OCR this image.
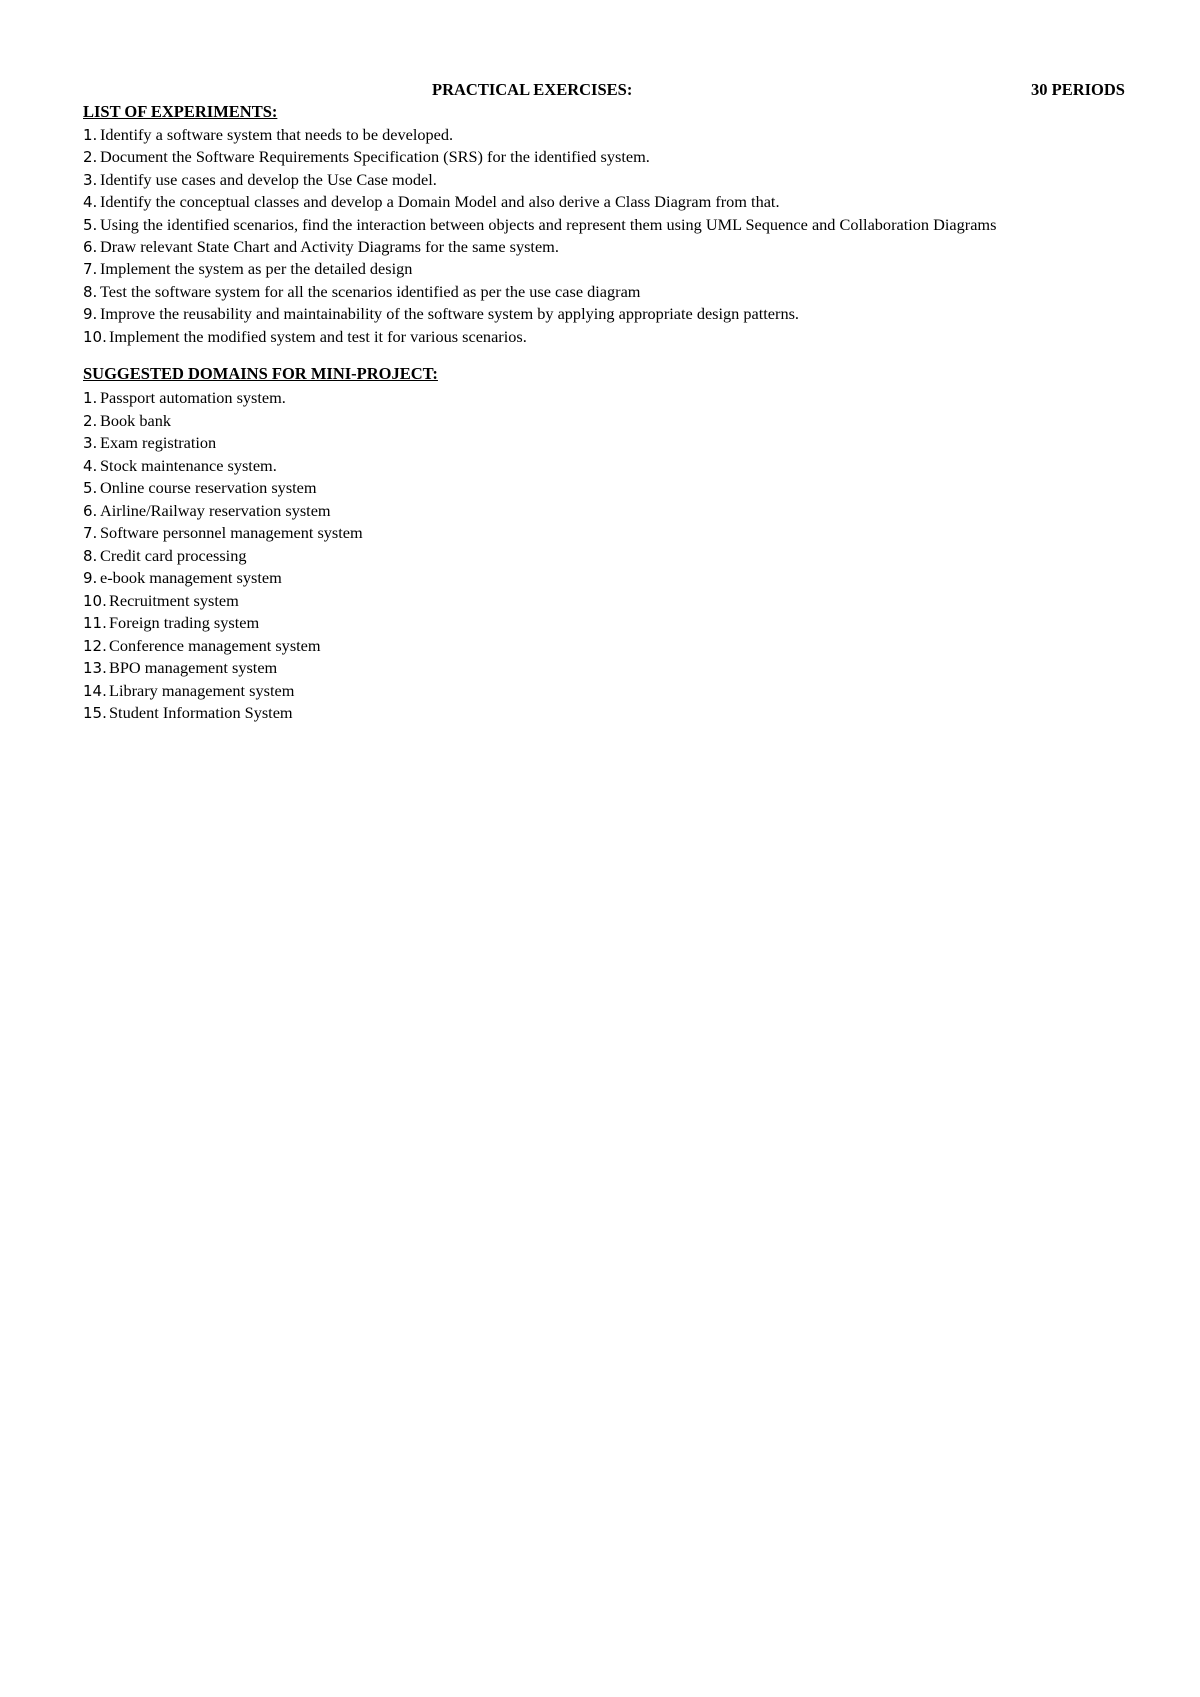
PRACTICAL EXERCISES:	30 PERIODS
LIST OF EXPERIMENTS:
1. Identify a software system that needs to be developed.
2. Document the Software Requirements Specification (SRS) for the identified system.
3. Identify use cases and develop the Use Case model.
4. Identify the conceptual classes and develop a Domain Model and also derive a Class Diagram from that.
5. Using the identified scenarios, find the interaction between objects and represent them using UML Sequence and Collaboration Diagrams
6. Draw relevant State Chart and Activity Diagrams for the same system.
7. Implement the system as per the detailed design
8. Test the software system for all the scenarios identified as per the use case diagram
9. Improve the reusability and maintainability of the software system by applying appropriate design patterns.
10. Implement the modified system and test it for various scenarios.
SUGGESTED DOMAINS FOR MINI-PROJECT:
1. Passport automation system.
2. Book bank
3. Exam registration
4. Stock maintenance system.
5. Online course reservation system
6. Airline/Railway reservation system
7. Software personnel management system
8. Credit card processing
9. e-book management system
10. Recruitment system
11. Foreign trading system
12. Conference management system
13. BPO management system
14. Library management system
15. Student Information System
